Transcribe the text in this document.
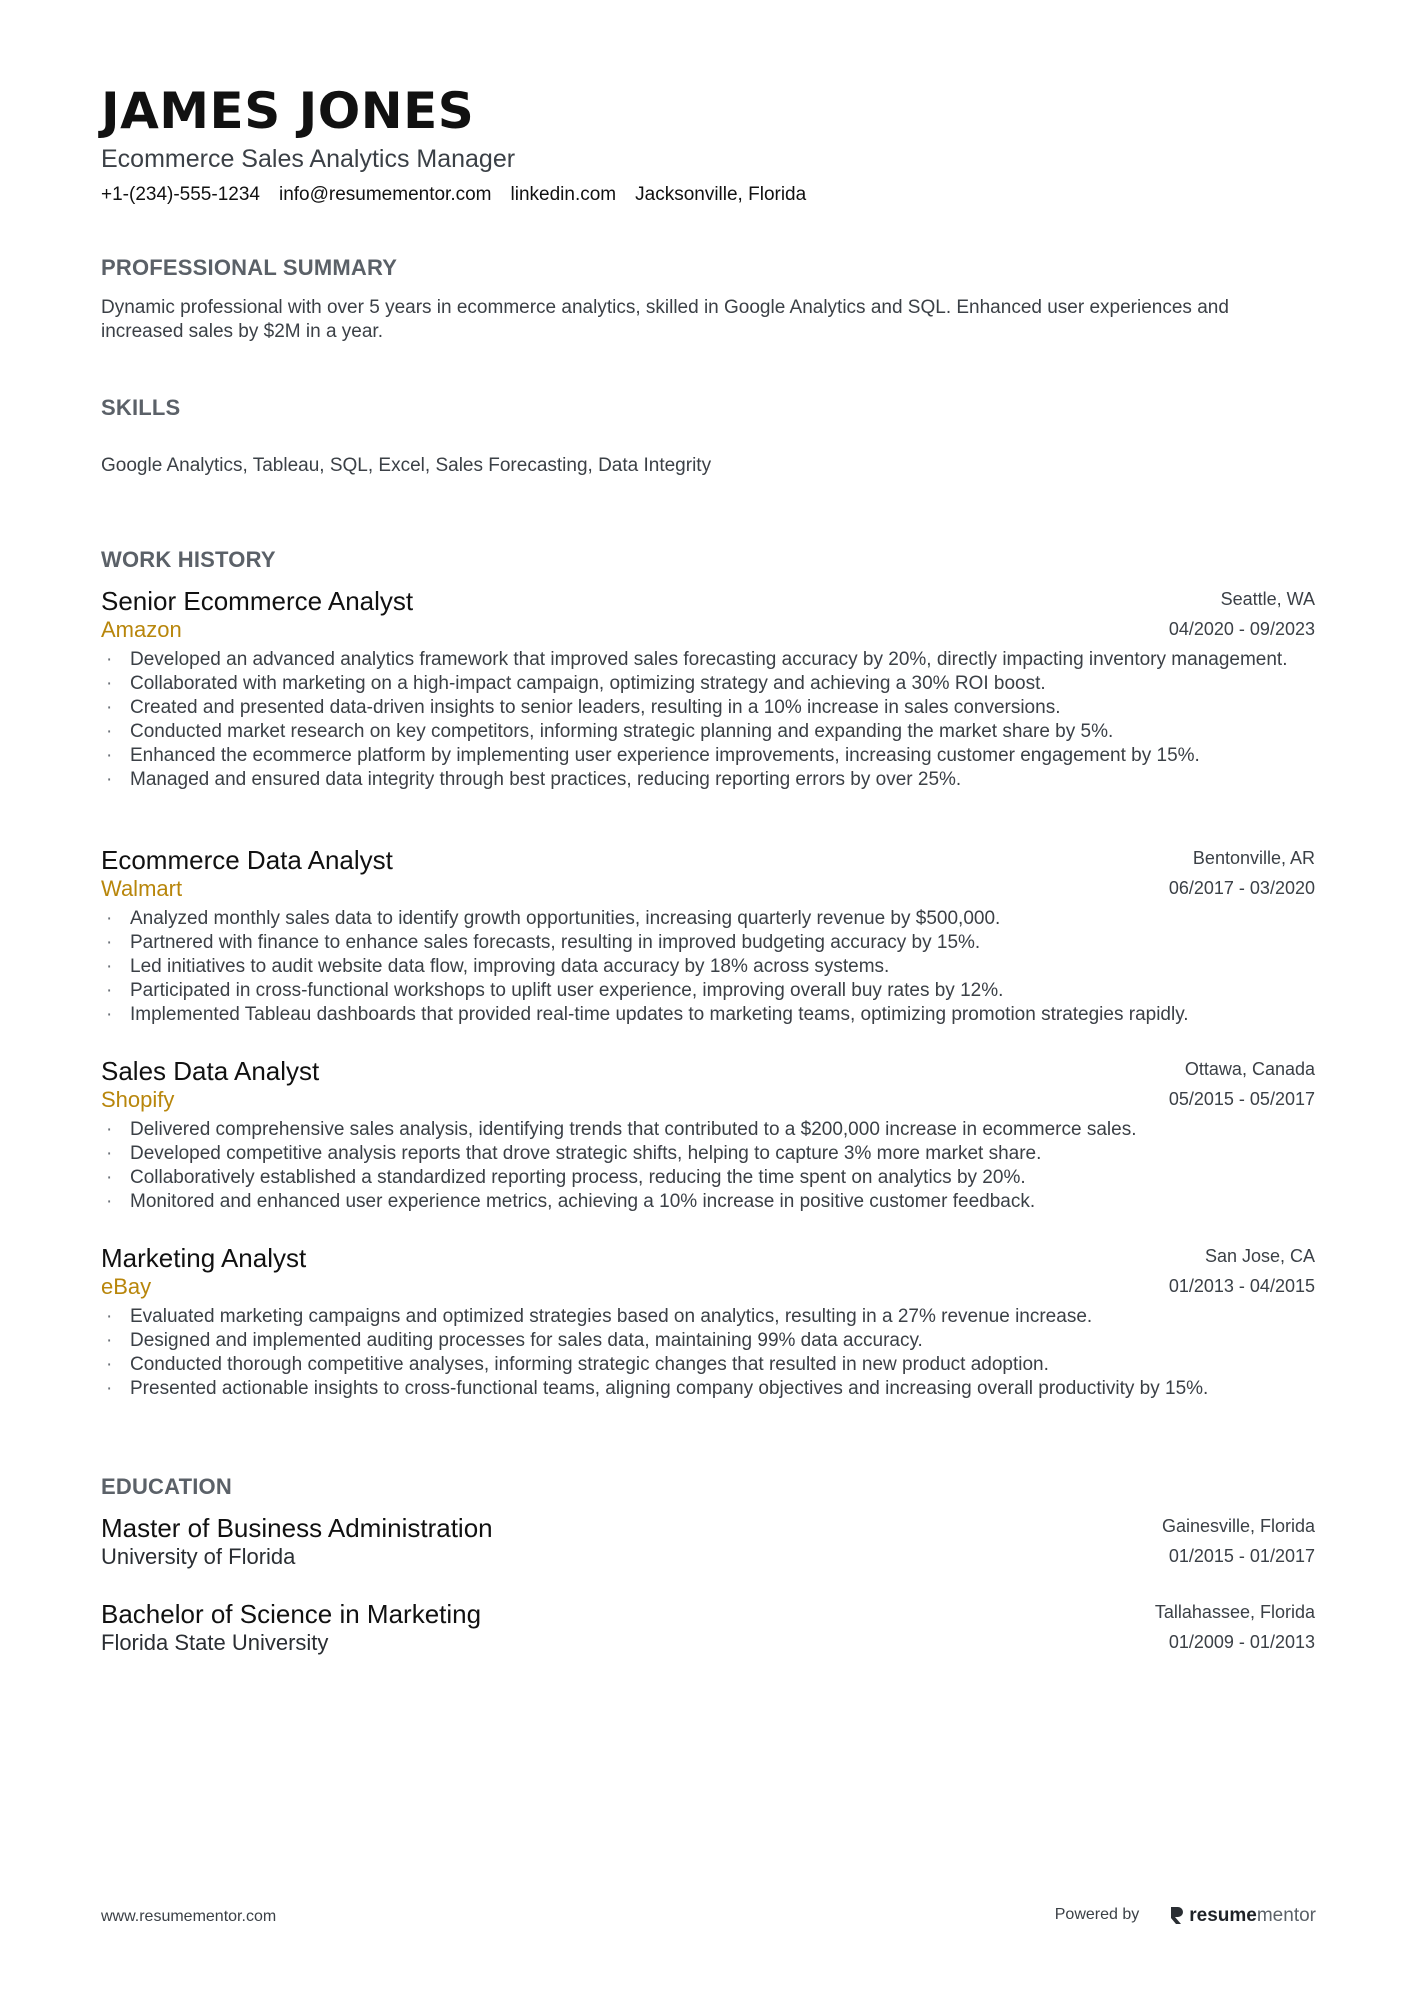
JAMES JONES
Ecommerce Sales Analytics Manager
+1-(234)-555-1234 info@resumementor.com linkedin.com Jacksonville, Florida
PROFESSIONAL SUMMARY
Dynamic professional with over 5 years in ecommerce analytics, skilled in Google Analytics and SQL. Enhanced user experiences and increased sales by $2M in a year.
SKILLS
Google Analytics, Tableau, SQL, Excel, Sales Forecasting, Data Integrity
WORK HISTORY
Senior Ecommerce Analyst
Amazon
Seattle, WA
04/2020 - 09/2023
· Developed an advanced analytics framework that improved sales forecasting accuracy by 20%, directly impacting inventory management.
· Collaborated with marketing on a high-impact campaign, optimizing strategy and achieving a 30% ROI boost.
· Created and presented data-driven insights to senior leaders, resulting in a 10% increase in sales conversions.
· Conducted market research on key competitors, informing strategic planning and expanding the market share by 5%.
· Enhanced the ecommerce platform by implementing user experience improvements, increasing customer engagement by 15%.
· Managed and ensured data integrity through best practices, reducing reporting errors by over 25%.
Ecommerce Data Analyst
Walmart
Bentonville, AR
06/2017 - 03/2020
· Analyzed monthly sales data to identify growth opportunities, increasing quarterly revenue by $500,000.
· Partnered with finance to enhance sales forecasts, resulting in improved budgeting accuracy by 15%.
· Led initiatives to audit website data flow, improving data accuracy by 18% across systems.
· Participated in cross-functional workshops to uplift user experience, improving overall buy rates by 12%.
· Implemented Tableau dashboards that provided real-time updates to marketing teams, optimizing promotion strategies rapidly.
Sales Data Analyst
Shopify
Ottawa, Canada
05/2015 - 05/2017
· Delivered comprehensive sales analysis, identifying trends that contributed to a $200,000 increase in ecommerce sales.
· Developed competitive analysis reports that drove strategic shifts, helping to capture 3% more market share.
· Collaboratively established a standardized reporting process, reducing the time spent on analytics by 20%.
· Monitored and enhanced user experience metrics, achieving a 10% increase in positive customer feedback.
Marketing Analyst
eBay
San Jose, CA
01/2013 - 04/2015
· Evaluated marketing campaigns and optimized strategies based on analytics, resulting in a 27% revenue increase.
· Designed and implemented auditing processes for sales data, maintaining 99% data accuracy.
· Conducted thorough competitive analyses, informing strategic changes that resulted in new product adoption.
· Presented actionable insights to cross-functional teams, aligning company objectives and increasing overall productivity by 15%.
EDUCATION
Master of Business Administration
University of Florida
Gainesville, Florida
01/2015 - 01/2017
Bachelor of Science in Marketing
Florida State University
Tallahassee, Florida
01/2009 - 01/2013
www.resumementor.com	Powered by	resumementor
